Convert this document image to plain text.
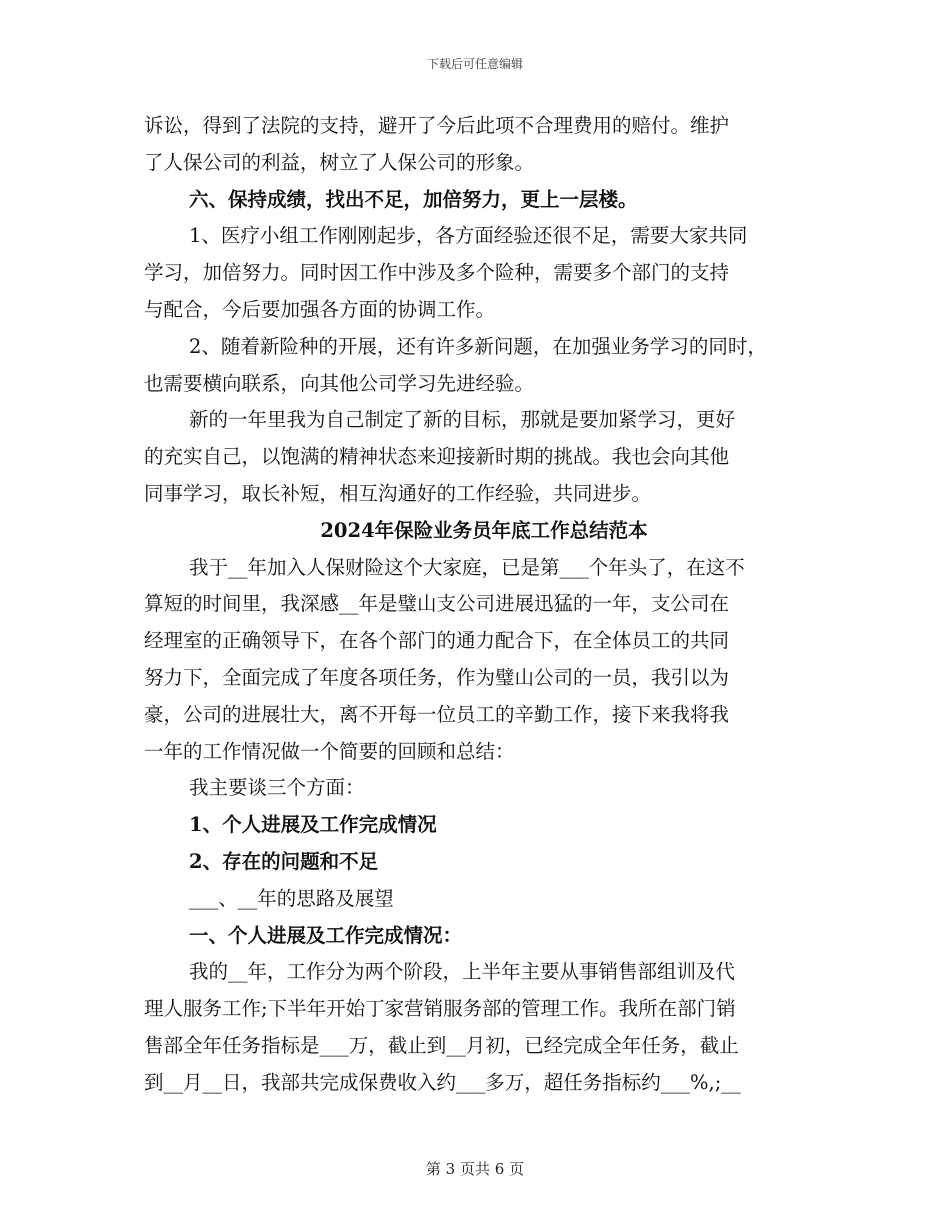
下载后可任意编辑
诉讼，得到了法院的支持，避开了今后此项不合理费用的赔付。维护
了人保公司的利益，树立了人保公司的形象。
六、保持成绩，找出不足，加倍努力，更上一层楼。
1、医疗小组工作刚刚起步，各方面经验还很不足，需要大家共同
学习，加倍努力。同时因工作中涉及多个险种，需要多个部门的支持
与配合，今后要加强各方面的协调工作。
2、随着新险种的开展，还有许多新问题，在加强业务学习的同时，
也需要横向联系，向其他公司学习先进经验。
新的一年里我为自己制定了新的目标，那就是要加紧学习，更好
的充实自己，以饱满的精神状态来迎接新时期的挑战。我也会向其他
同事学习，取长补短，相互沟通好的工作经验，共同进步。
2024年保险业务员年底工作总结范本
我于__年加入人保财险这个大家庭，已是第___个年头了，在这不
算短的时间里，我深感__年是璧山支公司进展迅猛的一年，支公司在
经理室的正确领导下，在各个部门的通力配合下，在全体员工的共同
努力下，全面完成了年度各项任务，作为璧山公司的一员，我引以为
豪，公司的进展壮大，离不开每一位员工的辛勤工作，接下来我将我
一年的工作情况做一个简要的回顾和总结：
我主要谈三个方面：
1、个人进展及工作完成情况
2、存在的问题和不足
___、__年的思路及展望
一、个人进展及工作完成情况：
我的__年，工作分为两个阶段，上半年主要从事销售部组训及代
理人服务工作;下半年开始丁家营销服务部的管理工作。我所在部门销
售部全年任务指标是___万，截止到__月初，已经完成全年任务，截止
到__月__日，我部共完成保费收入约___多万，超任务指标约___%,;__
第 3 页共 6 页
